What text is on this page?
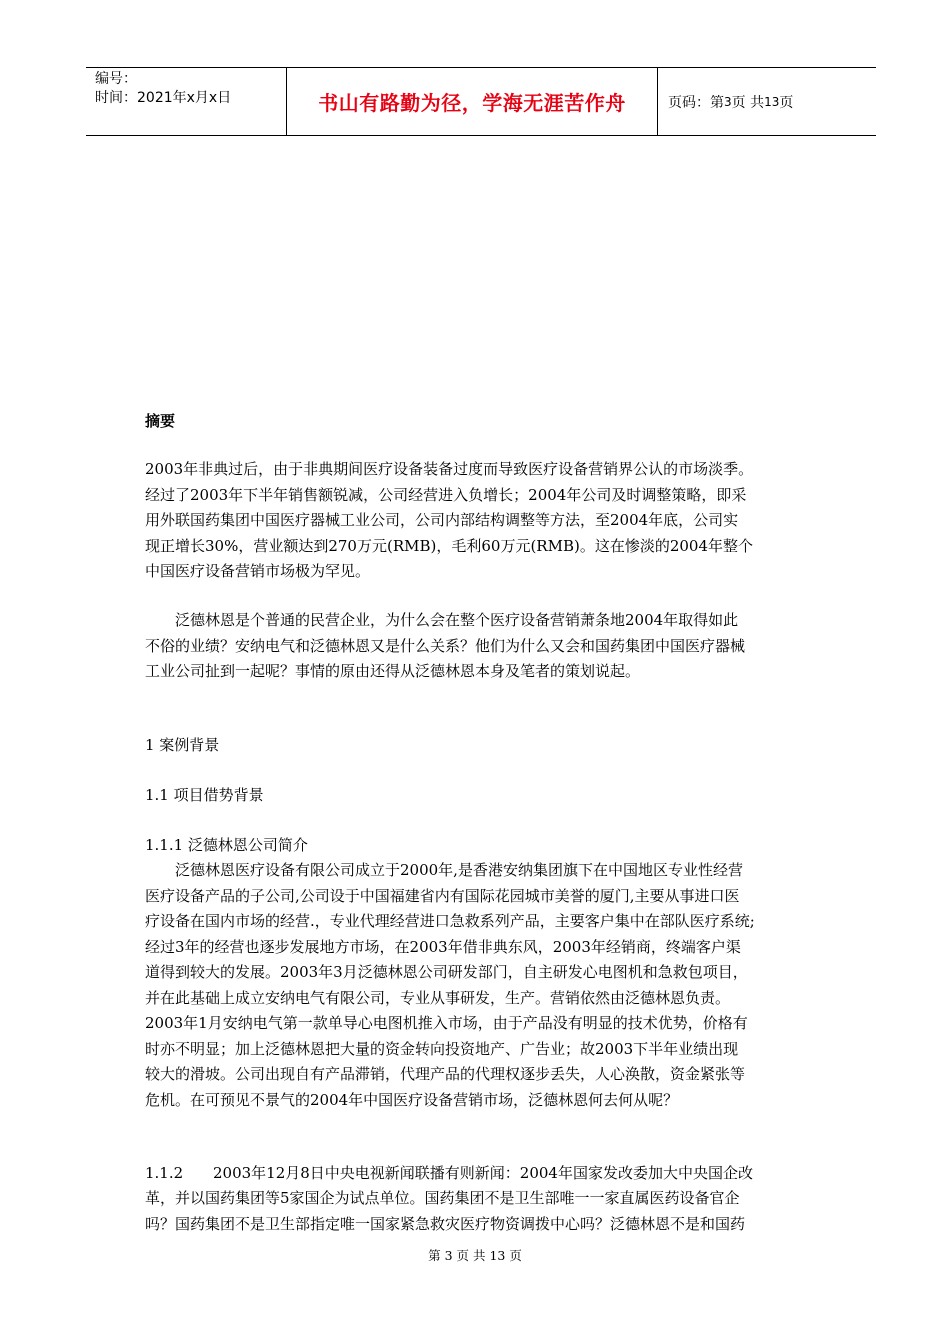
编号：
时间：2021年x月x日	书山有路勤为径，学海无涯苦作舟	页码：第 3 页 共 13 页
摘要
2003年非典过后，由于非典期间医疗设备装备过度而导致医疗设备营销界公认的市场淡季。
经过了2003年下半年销售额锐减，公司经营进入负增长；2004年公司及时调整策略，即采
用外联国药集团中国医疗器械工业公司，公司内部结构调整等方法，至2004年底，公司实
现正增长30%，营业额达到270万元(RMB)，毛利60万元(RMB)。这在惨淡的2004年整个
中国医疗设备营销市场极为罕见。
泛德林恩是个普通的民营企业，为什么会在整个医疗设备营销萧条地2004年取得如此
不俗的业绩？安纳电气和泛德林恩又是什么关系？他们为什么又会和国药集团中国医疗器械
工业公司扯到一起呢？事情的原由还得从泛德林恩本身及笔者的策划说起。
1 案例背景
1.1 项目借势背景
1.1.1 泛德林恩公司简介
泛德林恩医疗设备有限公司成立于2000年,是香港安纳集团旗下在中国地区专业性经营
医疗设备产品的子公司,公司设于中国福建省内有国际花园城市美誉的厦门,主要从事进口医
疗设备在国内市场的经营.，专业代理经营进口急救系列产品，主要客户集中在部队医疗系统;
经过3年的经营也逐步发展地方市场，在2003年借非典东风，2003年经销商，终端客户渠
道得到较大的发展。2003年3月泛德林恩公司研发部门，自主研发心电图机和急救包项目，
并在此基础上成立安纳电气有限公司，专业从事研发，生产。营销依然由泛德林恩负责。
2003年1月安纳电气第一款单导心电图机推入市场，由于产品没有明显的技术优势，价格有
时亦不明显；加上泛德林恩把大量的资金转向投资地产、广告业；故2003下半年业绩出现
较大的滑坡。公司出现自有产品滞销，代理产品的代理权逐步丢失，人心涣散，资金紧张等
危机。在可预见不景气的2004年中国医疗设备营销市场，泛德林恩何去何从呢？
1.1.2 2003年12月8日中央电视新闻联播有则新闻：2004年国家发改委加大中央国企改
革，并以国药集团等5家国企为试点单位。国药集团不是卫生部唯一一家直属医药设备官企
吗？国药集团不是卫生部指定唯一国家紧急救灾医疗物资调拨中心吗？泛德林恩不是和国药
第 3 页 共 13 页
